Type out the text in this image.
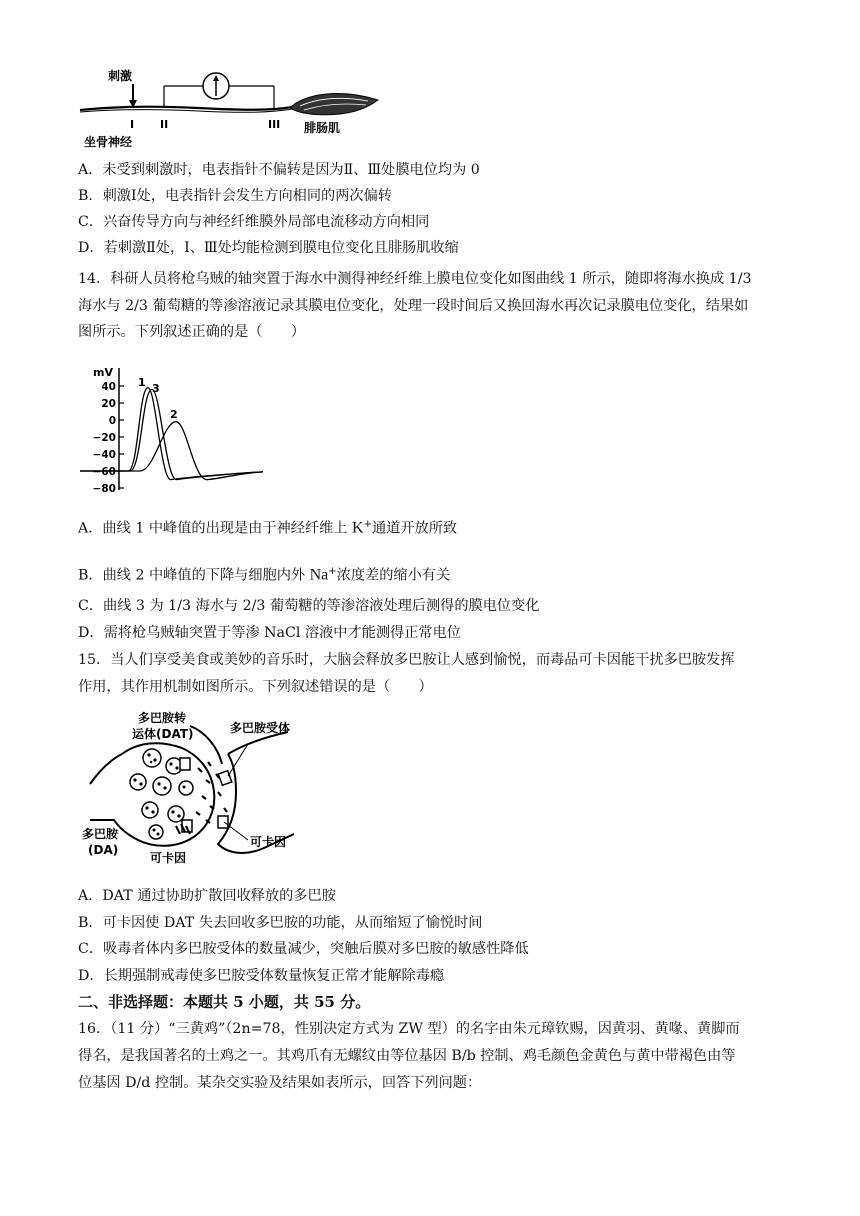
刺激
I II	III
坐骨神经
腓肠肌
A．未受到刺激时，电表指针不偏转是因为Ⅱ、Ⅲ处膜电位均为 0
B．刺激Ⅰ处，电表指针会发生方向相同的两次偏转
C．兴奋传导方向与神经纤维膜外局部电流移动方向相同
D．若刺激Ⅱ处，Ⅰ、Ⅲ处均能检测到膜电位变化且腓肠肌收缩
14．科研人员将枪乌贼的轴突置于海水中测得神经纤维上膜电位变化如图曲线 1 所示，随即将海水换成 1/3
海水与 2/3 葡萄糖的等渗溶液记录其膜电位变化，处理一段时间后又换回海水再次记录膜电位变化，结果如
图所示。下列叙述正确的是（　　）
mV
40
20
0
−20
−40
−60
−80
1 3
2
A．曲线 1 中峰值的出现是由于神经纤维上 K+通道开放所致
B．曲线 2 中峰值的下降与细胞内外 Na+浓度差的缩小有关
C．曲线 3 为 1/3 海水与 2/3 葡萄糖的等渗溶液处理后测得的膜电位变化
D．需将枪乌贼轴突置于等渗 NaCl 溶液中才能测得正常电位
15．当人们享受美食或美妙的音乐时，大脑会释放多巴胺让人感到愉悦，而毒品可卡因能干扰多巴胺发挥
作用，其作用机制如图所示。下列叙述错误的是（　　）
多巴胺转
运体(DAT)	多巴胺受体
多巴胺
(DA)
可卡因
可卡因
A．DAT 通过协助扩散回收释放的多巴胺
B．可卡因使 DAT 失去回收多巴胺的功能，从而缩短了愉悦时间
C．吸毒者体内多巴胺受体的数量减少，突触后膜对多巴胺的敏感性降低
D．长期强制戒毒使多巴胺受体数量恢复正常才能解除毒瘾
二、非选择题：本题共 5 小题，共 55 分。
16．（11 分）“三黄鸡”（2n=78，性别决定方式为 ZW 型）的名字由朱元璋钦赐，因黄羽、黄喙、黄脚而
得名，是我国著名的土鸡之一。其鸡爪有无螺纹由等位基因 B/b 控制、鸡毛颜色金黄色与黄中带褐色由等
位基因 D/d 控制。某杂交实验及结果如表所示，回答下列问题：
